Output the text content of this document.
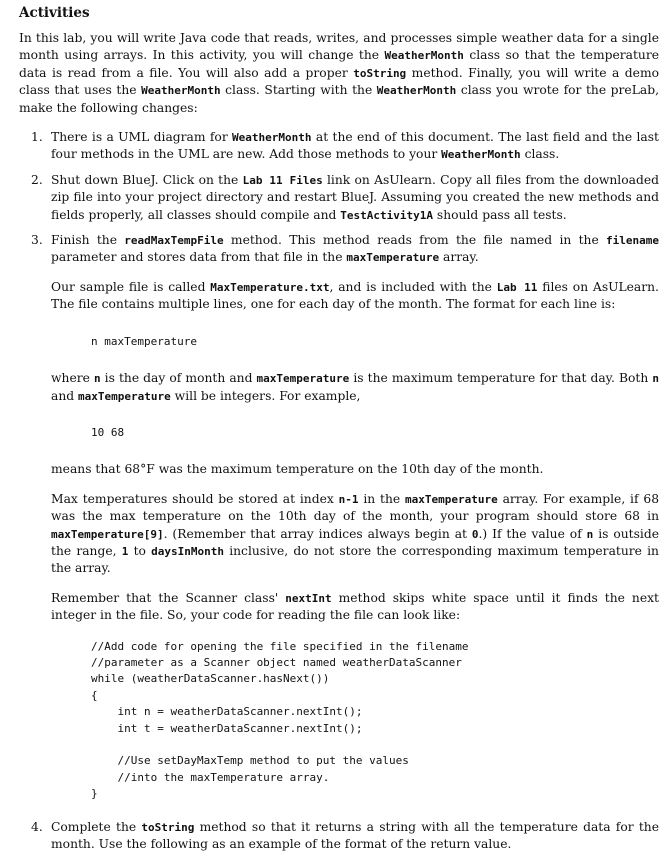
Activities

In this lab, you will write Java code that reads, writes, and processes simple weather data for a single month using arrays. In this activity, you will change the WeatherMonth class so that the temperature data is read from a file. You will also add a proper toString method. Finally, you will write a demo class that uses the WeatherMonth class. Starting with the WeatherMonth class you wrote for the preLab, make the following changes:

1. There is a UML diagram for WeatherMonth at the end of this document. The last field and the last four methods in the UML are new. Add those methods to your WeatherMonth class.

2. Shut down BlueJ. Click on the Lab 11 Files link on AsUlearn. Copy all files from the downloaded zip file into your project directory and restart BlueJ. Assuming you created the new methods and fields properly, all classes should compile and TestActivity1A should pass all tests.

3. Finish the readMaxTempFile method. This method reads from the file named in the filename parameter and stores data from that file in the maxTemperature array.

Our sample file is called MaxTemperature.txt, and is included with the Lab 11 files on AsULearn. The file contains multiple lines, one for each day of the month. The format for each line is:

n maxTemperature

where n is the day of month and maxTemperature is the maximum temperature for that day. Both n and maxTemperature will be integers. For example,

10 68

means that 68°F was the maximum temperature on the 10th day of the month.

Max temperatures should be stored at index n-1 in the maxTemperature array. For example, if 68 was the max temperature on the 10th day of the month, your program should store 68 in maxTemperature[9]. (Remember that array indices always begin at 0.) If the value of n is outside the range, 1 to daysInMonth inclusive, do not store the corresponding maximum temperature in the array.

Remember that the Scanner class' nextInt method skips white space until it finds the next integer in the file. So, your code for reading the file can look like:

//Add code for opening the file specified in the filename
//parameter as a Scanner object named weatherDataScanner
while (weatherDataScanner.hasNext())
{
int n = weatherDataScanner.nextInt();
int t = weatherDataScanner.nextInt();

//Use setDayMaxTemp method to put the values
//into the maxTemperature array.
}
4. Complete the toString method so that it returns a string with all the temperature data for the month. Use the following as an example of the format of the return value.
